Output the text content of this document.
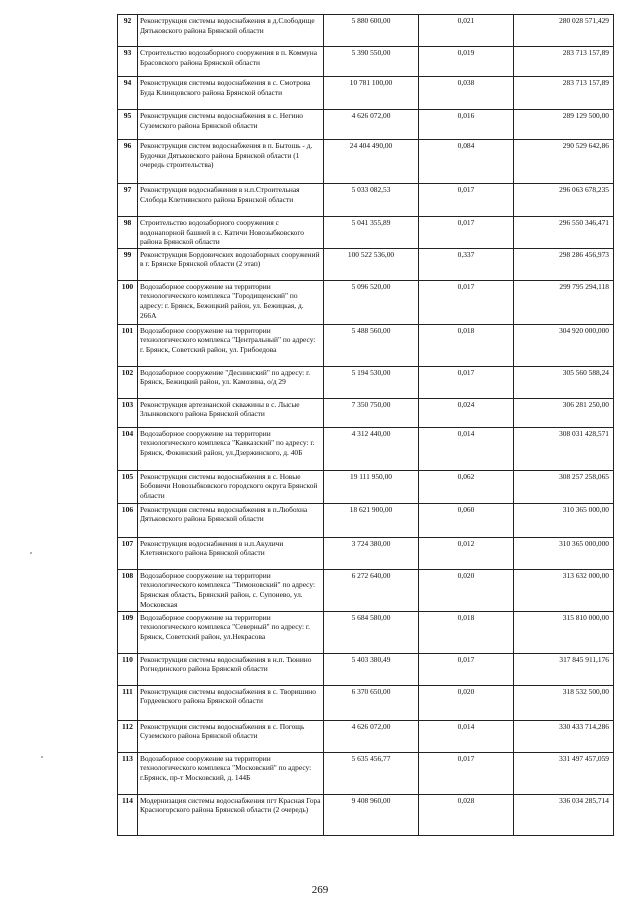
92	Реконструкция системы водоснабжения в д.Слободище Дятьковского района Брянской области	5 880 600,00	0,021	280 028 571,429
93	Строительство водозаборного сооружения в п. Коммуна Брасовского района Брянской области	5 390 550,00	0,019	283 713 157,89
94	Реконструкция системы водоснабжения в с. Смотрова Буда Клинцовского района Брянской области	10 781 100,00	0,038	283 713 157,89
95	Реконструкция системы водоснабжения в с. Негино Суземского района Брянской области	4 626 072,00	0,016	289 129 500,00
96	Реконструкция систем водоснабжения в п. Бытошь - д. Будочки Дятьковского района Брянской области (1 очередь строительства)	24 404 490,00	0,084	290 529 642,86
97	Реконструкция водоснабжения в н.п.Строительная Слобода Клетнянского района Брянской области	5 033 082,53	0,017	296 063 678,235
98	Строительство водозаборного сооружения с водонапорной башней в с. Катичи Новозыбковского района Брянской области	5 041 355,89	0,017	296 550 346,471
99	Реконструкция Бордовичских водозаборных сооружений в г. Брянске Брянской области (2 этап)	100 522 536,00	0,337	298 286 456,973
100	Водозаборное сооружение на территории технологического комплекса "Городищенский" по адресу: г. Брянск, Бежицкий район, ул. Бежицкая, д. 266А	5 096 520,00	0,017	299 795 294,118
101	Водозаборное сооружение на территории технологического комплекса "Центральный" по адресу: г. Брянск, Советский район, ул. Грибоедова	5 488 560,00	0,018	304 920 000,000
102	Водозаборное сооружение "Деснинский" по адресу: г. Брянск, Бежицкий район, ул. Камозина, о/д 29	5 194 530,00	0,017	305 560 588,24
103	Реконструкция артезианской скважины в с. Лысые Злынковского района Брянской области	7 350 750,00	0,024	306 281 250,00
104	Водозаборное сооружение на территории технологического комплекса "Кавказский" по адресу: г. Брянск, Фокинский район, ул.Дзержинского, д. 40Б	4 312 440,00	0,014	308 031 428,571
105	Реконструкция системы водоснабжения в с. Новые Бобовичи Новозыбковского городского округа Брянской области	19 111 950,00	0,062	308 257 258,065
106	Реконструкция системы водоснабжения в п.Любохна Дятьковского района Брянской области	18 621 900,00	0,060	310 365 000,00
107	Реконструкция водоснабжения в н.п.Акуличи Клетнянского района Брянской области	3 724 380,00	0,012	310 365 000,000
108	Водозаборное сооружение на территории технологического комплекса "Тимоновский" по адресу: Брянская область, Брянский район, с. Супонево, ул. Московская	6 272 640,00	0,020	313 632 000,00
109	Водозаборное сооружение на территории технологического комплекса "Северный" по адресу: г. Брянск, Советский район, ул.Некрасова	5 684 580,00	0,018	315 810 000,00
110	Реконструкция системы водоснабжения в н.п. Тюнино Рогнединского района Брянской области	5 403 380,49	0,017	317 845 911,176
111	Реконструкция системы водоснабжения в с. Творишино Гордеевского района Брянской области	6 370 650,00	0,020	318 532 500,00
112	Реконструкция системы водоснабжения в с. Погощь Суземского района Брянской области	4 626 072,00	0,014	330 433 714,286
113	Водозаборное сооружение на территории технологического комплекса "Московский" по адресу: г.Брянск, пр-т Московский, д. 144Б	5 635 456,77	0,017	331 497 457,059
114	Модернизация системы водоснабжения пгт Красная Гора Красногорского района Брянской области (2 очередь)	9 408 960,00	0,028	336 034 285,714
269
